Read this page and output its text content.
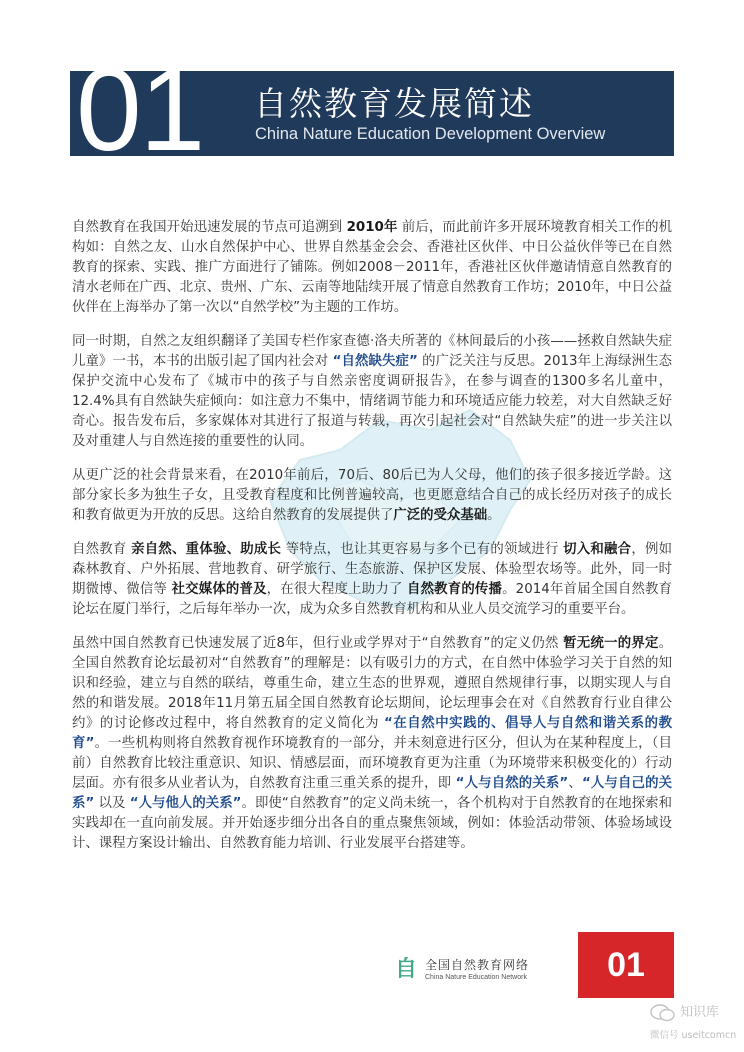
01	自然教育发展简述
China Nature Education Development Overview

自然教育在我国开始迅速发展的节点可追溯到 2010年 前后，而此前许多开展环境教育相关工作的机构如：自然之友、山水自然保护中心、世界自然基金会会、香港社区伙伴、中日公益伙伴等已在自然教育的探索、实践、推广方面进行了铺陈。例如2008－2011年，香港社区伙伴邀请情意自然教育的清水老师在广西、北京、贵州、广东、云南等地陆续开展了情意自然教育工作坊；2010年，中日公益伙伴在上海举办了第一次以“自然学校”为主题的工作坊。

同一时期，自然之友组织翻译了美国专栏作家查德·洛夫所著的《林间最后的小孩——拯救自然缺失症儿童》一书，本书的出版引起了国内社会对 “自然缺失症” 的广泛关注与反思。2013年上海绿洲生态保护交流中心发布了《城市中的孩子与自然亲密度调研报告》，在参与调查的1300多名儿童中，12.4%具有自然缺失症倾向：如注意力不集中，情绪调节能力和环境适应能力较差，对大自然缺乏好奇心。报告发布后，多家媒体对其进行了报道与转载，再次引起社会对“自然缺失症”的进一步关注以及对重建人与自然连接的重要性的认同。

从更广泛的社会背景来看，在2010年前后，70后、80后已为人父母，他们的孩子很多接近学龄。这部分家长多为独生子女，且受教育程度和比例普遍较高，也更愿意结合自己的成长经历对孩子的成长和教育做更为开放的反思。这给自然教育的发展提供了广泛的受众基础。

自然教育 亲自然、重体验、助成长 等特点，也让其更容易与多个已有的领域进行 切入和融合，例如森林教育、户外拓展、营地教育、研学旅行、生态旅游、保护区发展、体验型农场等。此外，同一时期微博、微信等 社交媒体的普及，在很大程度上助力了 自然教育的传播。2014年首届全国自然教育论坛在厦门举行，之后每年举办一次，成为众多自然教育机构和从业人员交流学习的重要平台。

虽然中国自然教育已快速发展了近8年，但行业或学界对于“自然教育”的定义仍然 暂无统一的界定。全国自然教育论坛最初对“自然教育”的理解是：以有吸引力的方式，在自然中体验学习关于自然的知识和经验，建立与自然的联结，尊重生命，建立生态的世界观，遵照自然规律行事，以期实现人与自然的和谐发展。2018年11月第五届全国自然教育论坛期间，论坛理事会在对《自然教育行业自律公约》的讨论修改过程中，将自然教育的定义简化为 “在自然中实践的、倡导人与自然和谐关系的教育”。一些机构则将自然教育视作环境教育的一部分，并未刻意进行区分，但认为在某种程度上，（目前）自然教育比较注重意识、知识、情感层面，而环境教育更为注重（为环境带来积极变化的）行动层面。亦有很多从业者认为，自然教育注重三重关系的提升，即 “人与自然的关系”、“人与自己的关系” 以及 “人与他人的关系”。即使“自然教育”的定义尚未统一，各个机构对于自然教育的在地探索和实践却在一直向前发展。并开始逐步细分出各自的重点聚焦领域，例如：体验活动带领、体验场域设计、课程方案设计输出、自然教育能力培训、行业发展平台搭建等。

自 全国自然教育网络
China Nature Education Network	01
知识库
微信号 useitcomcn
